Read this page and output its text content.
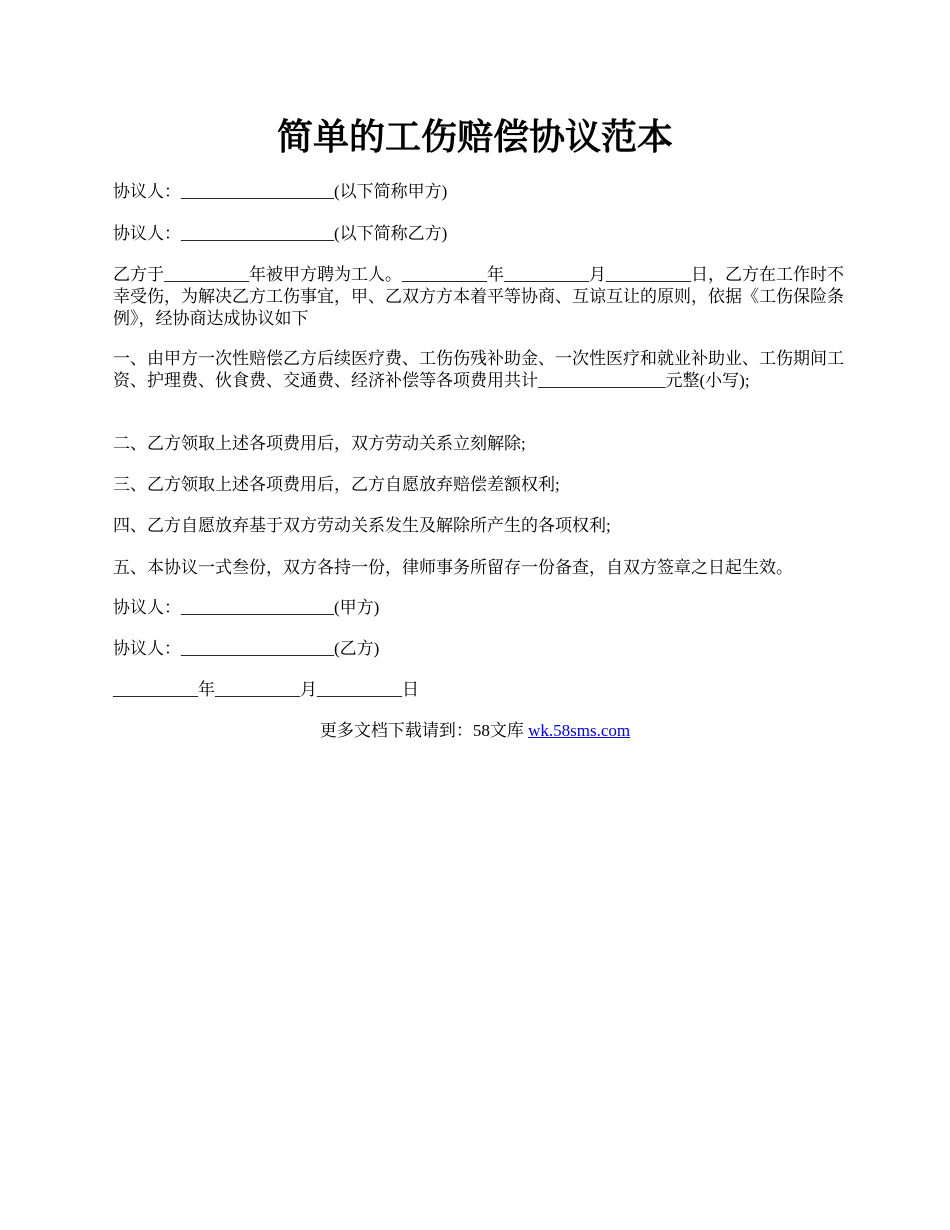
简单的工伤赔偿协议范本
协议人：__________________(以下简称甲方)
协议人：__________________(以下简称乙方)
乙方于__________年被甲方聘为工人。__________年__________月__________日，乙方在工作时不幸受伤，为解决乙方工伤事宜，甲、乙双方方本着平等协商、互谅互让的原则，依据《工伤保险条例》，经协商达成协议如下
一、由甲方一次性赔偿乙方后续医疗费、工伤伤残补助金、一次性医疗和就业补助业、工伤期间工资、护理费、伙食费、交通费、经济补偿等各项费用共计_______________元整(小写);
二、乙方领取上述各项费用后，双方劳动关系立刻解除;
三、乙方领取上述各项费用后，乙方自愿放弃赔偿差额权利;
四、乙方自愿放弃基于双方劳动关系发生及解除所产生的各项权利;
五、本协议一式叁份，双方各持一份，律师事务所留存一份备查，自双方签章之日起生效。
协议人：__________________(甲方)
协议人：__________________(乙方)
__________年__________月__________日
更多文档下载请到：58文库 wk.58sms.com
